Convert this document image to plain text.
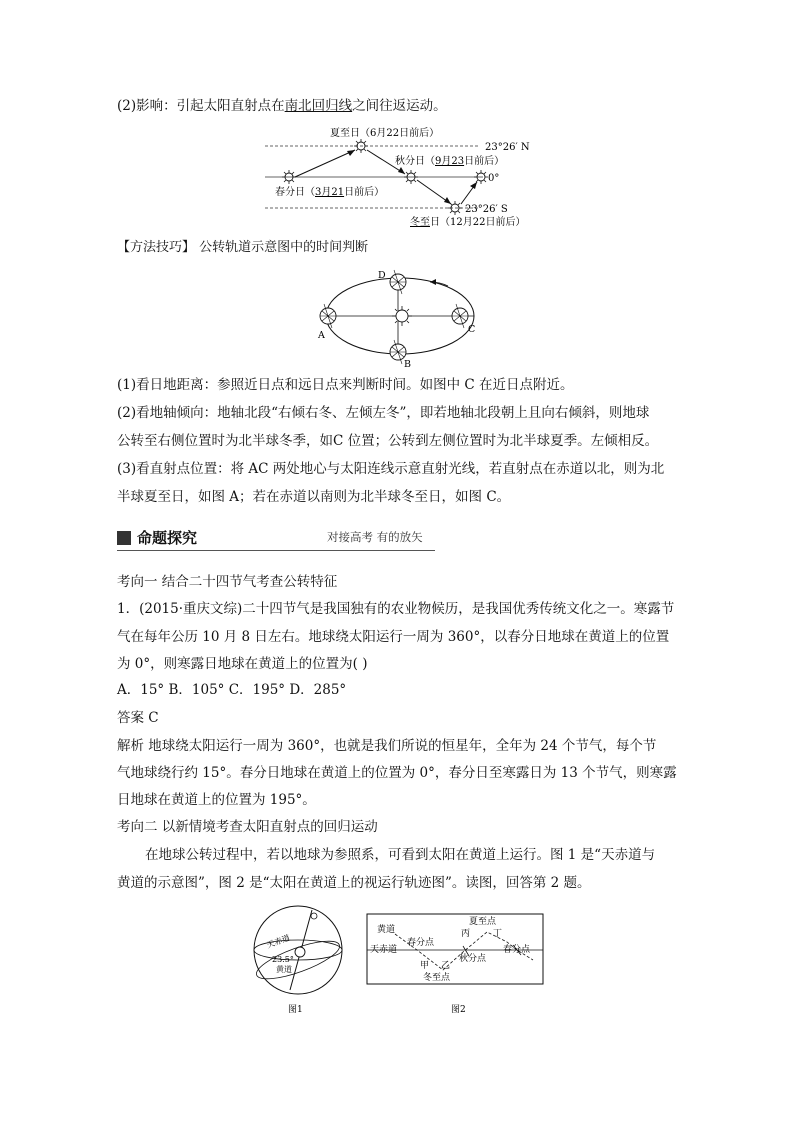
(2)影响：引起太阳直射点在南北回归线之间往返运动。
夏至日（6月22日前后）
秋分日（9月23日前后）
春分日（3月21日前后）
冬至日（12月22日前后）
23°26′ N
0°
23°26′ S
【方法技巧】 公转轨道示意图中的时间判断
A
B
C
D
(1)看日地距离：参照近日点和远日点来判断时间。如图中 C 在近日点附近。
(2)看地轴倾向：地轴北段“右倾右冬、左倾左冬”，即若地轴北段朝上且向右倾斜，则地球
公转至右侧位置时为北半球冬季，如C 位置；公转到左侧位置时为北半球夏季。左倾相反。
(3)看直射点位置：将 AC 两处地心与太阳连线示意直射光线，若直射点在赤道以北，则为北
半球夏至日，如图 A；若在赤道以南则为北半球冬至日，如图 C。
命题探究	对接高考 有的放矢
考向一 结合二十四节气考查公转特征
1．(2015·重庆文综)二十四节气是我国独有的农业物候历，是我国优秀传统文化之一。寒露节
气在每年公历 10 月 8 日左右。地球绕太阳运行一周为 360°，以春分日地球在黄道上的位置
为 0°，则寒露日地球在黄道上的位置为( )
A．15° B．105° C．195° D．285°
答案 C
解析 地球绕太阳运行一周为 360°，也就是我们所说的恒星年，全年为 24 个节气，每个节
气地球绕行约 15°。春分日地球在黄道上的位置为 0°，春分日至寒露日为 13 个节气，则寒露
日地球在黄道上的位置为 195°。
考向二 以新情境考查太阳直射点的回归运动
在地球公转过程中，若以地球为参照系，可看到太阳在黄道上运行。图 1 是“天赤道与
黄道的示意图”，图 2 是“太阳在黄道上的视运行轨迹图”。读图，回答第 2 题。
天赤道
23.5°
黄道
图1
黄道
天赤道
春分点
夏至点
丙	丁
秋分点
春分点
甲 乙
冬至点
图2
